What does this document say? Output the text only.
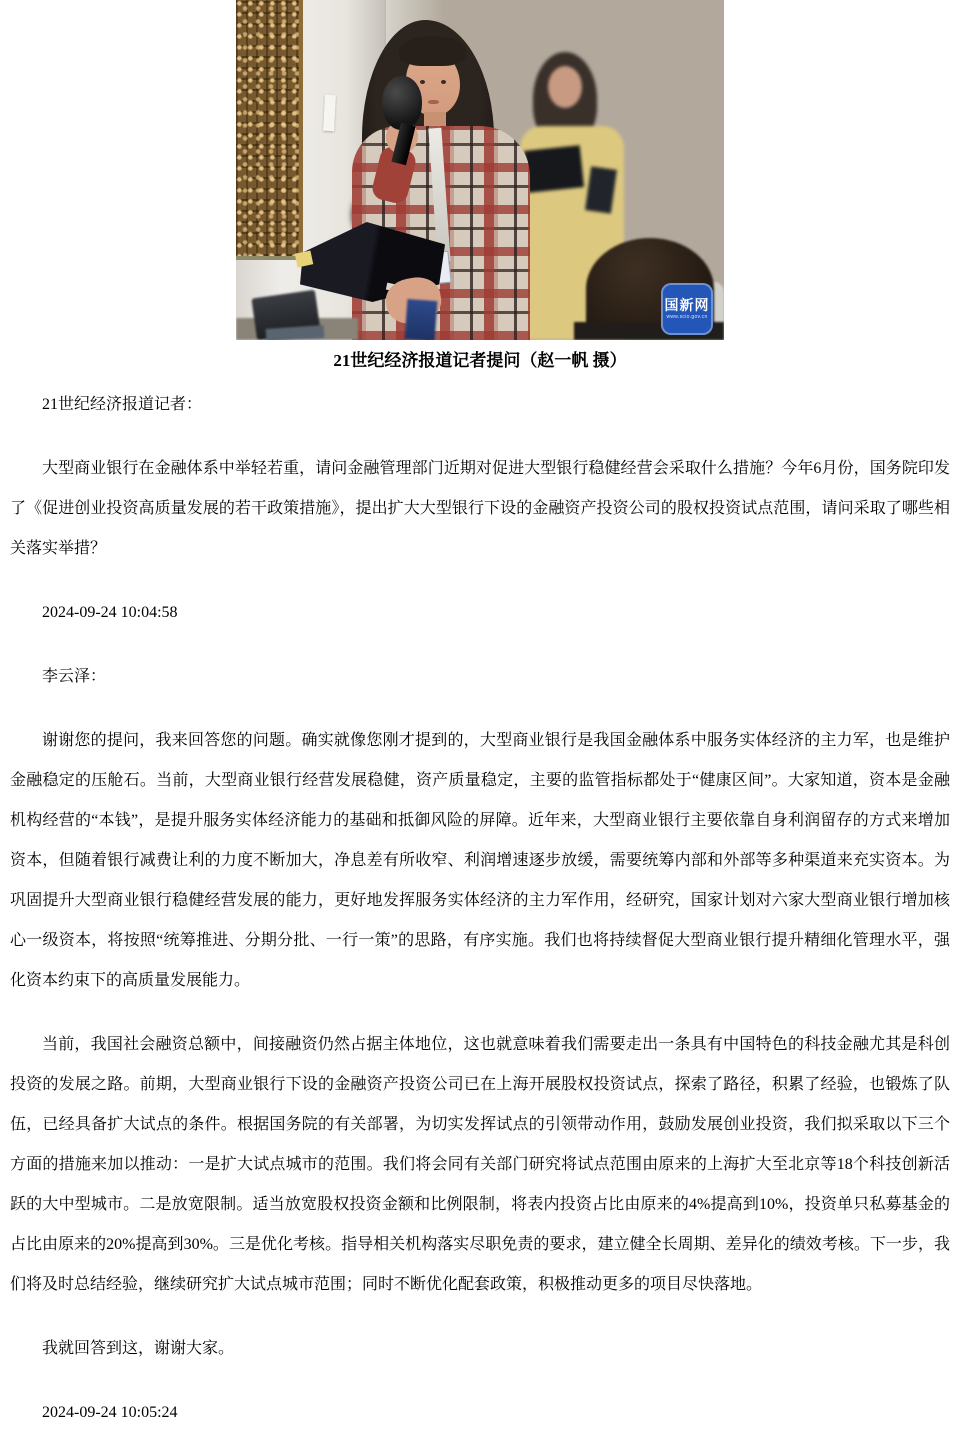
国新网
www.scio.gov.cn
21世纪经济报道记者提问（赵一帆 摄）

21世纪经济报道记者：

大型商业银行在金融体系中举轻若重，请问金融管理部门近期对促进大型银行稳健经营会采取什么措施？今年6月份，国务院印发了《促进创业投资高质量发展的若干政策措施》，提出扩大大型银行下设的金融资产投资公司的股权投资试点范围，请问采取了哪些相关落实举措？

2024-09-24 10:04:58

李云泽：

谢谢您的提问，我来回答您的问题。确实就像您刚才提到的，大型商业银行是我国金融体系中服务实体经济的主力军，也是维护金融稳定的压舱石。当前，大型商业银行经营发展稳健，资产质量稳定，主要的监管指标都处于“健康区间”。大家知道，资本是金融机构经营的“本钱”，是提升服务实体经济能力的基础和抵御风险的屏障。近年来，大型商业银行主要依靠自身利润留存的方式来增加资本，但随着银行减费让利的力度不断加大，净息差有所收窄、利润增速逐步放缓，需要统筹内部和外部等多种渠道来充实资本。为巩固提升大型商业银行稳健经营发展的能力，更好地发挥服务实体经济的主力军作用，经研究，国家计划对六家大型商业银行增加核心一级资本，将按照“统筹推进、分期分批、一行一策”的思路，有序实施。我们也将持续督促大型商业银行提升精细化管理水平，强化资本约束下的高质量发展能力。

当前，我国社会融资总额中，间接融资仍然占据主体地位，这也就意味着我们需要走出一条具有中国特色的科技金融尤其是科创投资的发展之路。前期，大型商业银行下设的金融资产投资公司已在上海开展股权投资试点，探索了路径，积累了经验，也锻炼了队伍，已经具备扩大试点的条件。根据国务院的有关部署，为切实发挥试点的引领带动作用，鼓励发展创业投资，我们拟采取以下三个方面的措施来加以推动：一是扩大试点城市的范围。我们将会同有关部门研究将试点范围由原来的上海扩大至北京等18个科技创新活跃的大中型城市。二是放宽限制。适当放宽股权投资金额和比例限制，将表内投资占比由原来的4%提高到10%，投资单只私募基金的占比由原来的20%提高到30%。三是优化考核。指导相关机构落实尽职免责的要求，建立健全长周期、差异化的绩效考核。下一步，我们将及时总结经验，继续研究扩大试点城市范围；同时不断优化配套政策，积极推动更多的项目尽快落地。

我就回答到这，谢谢大家。

2024-09-24 10:05:24
